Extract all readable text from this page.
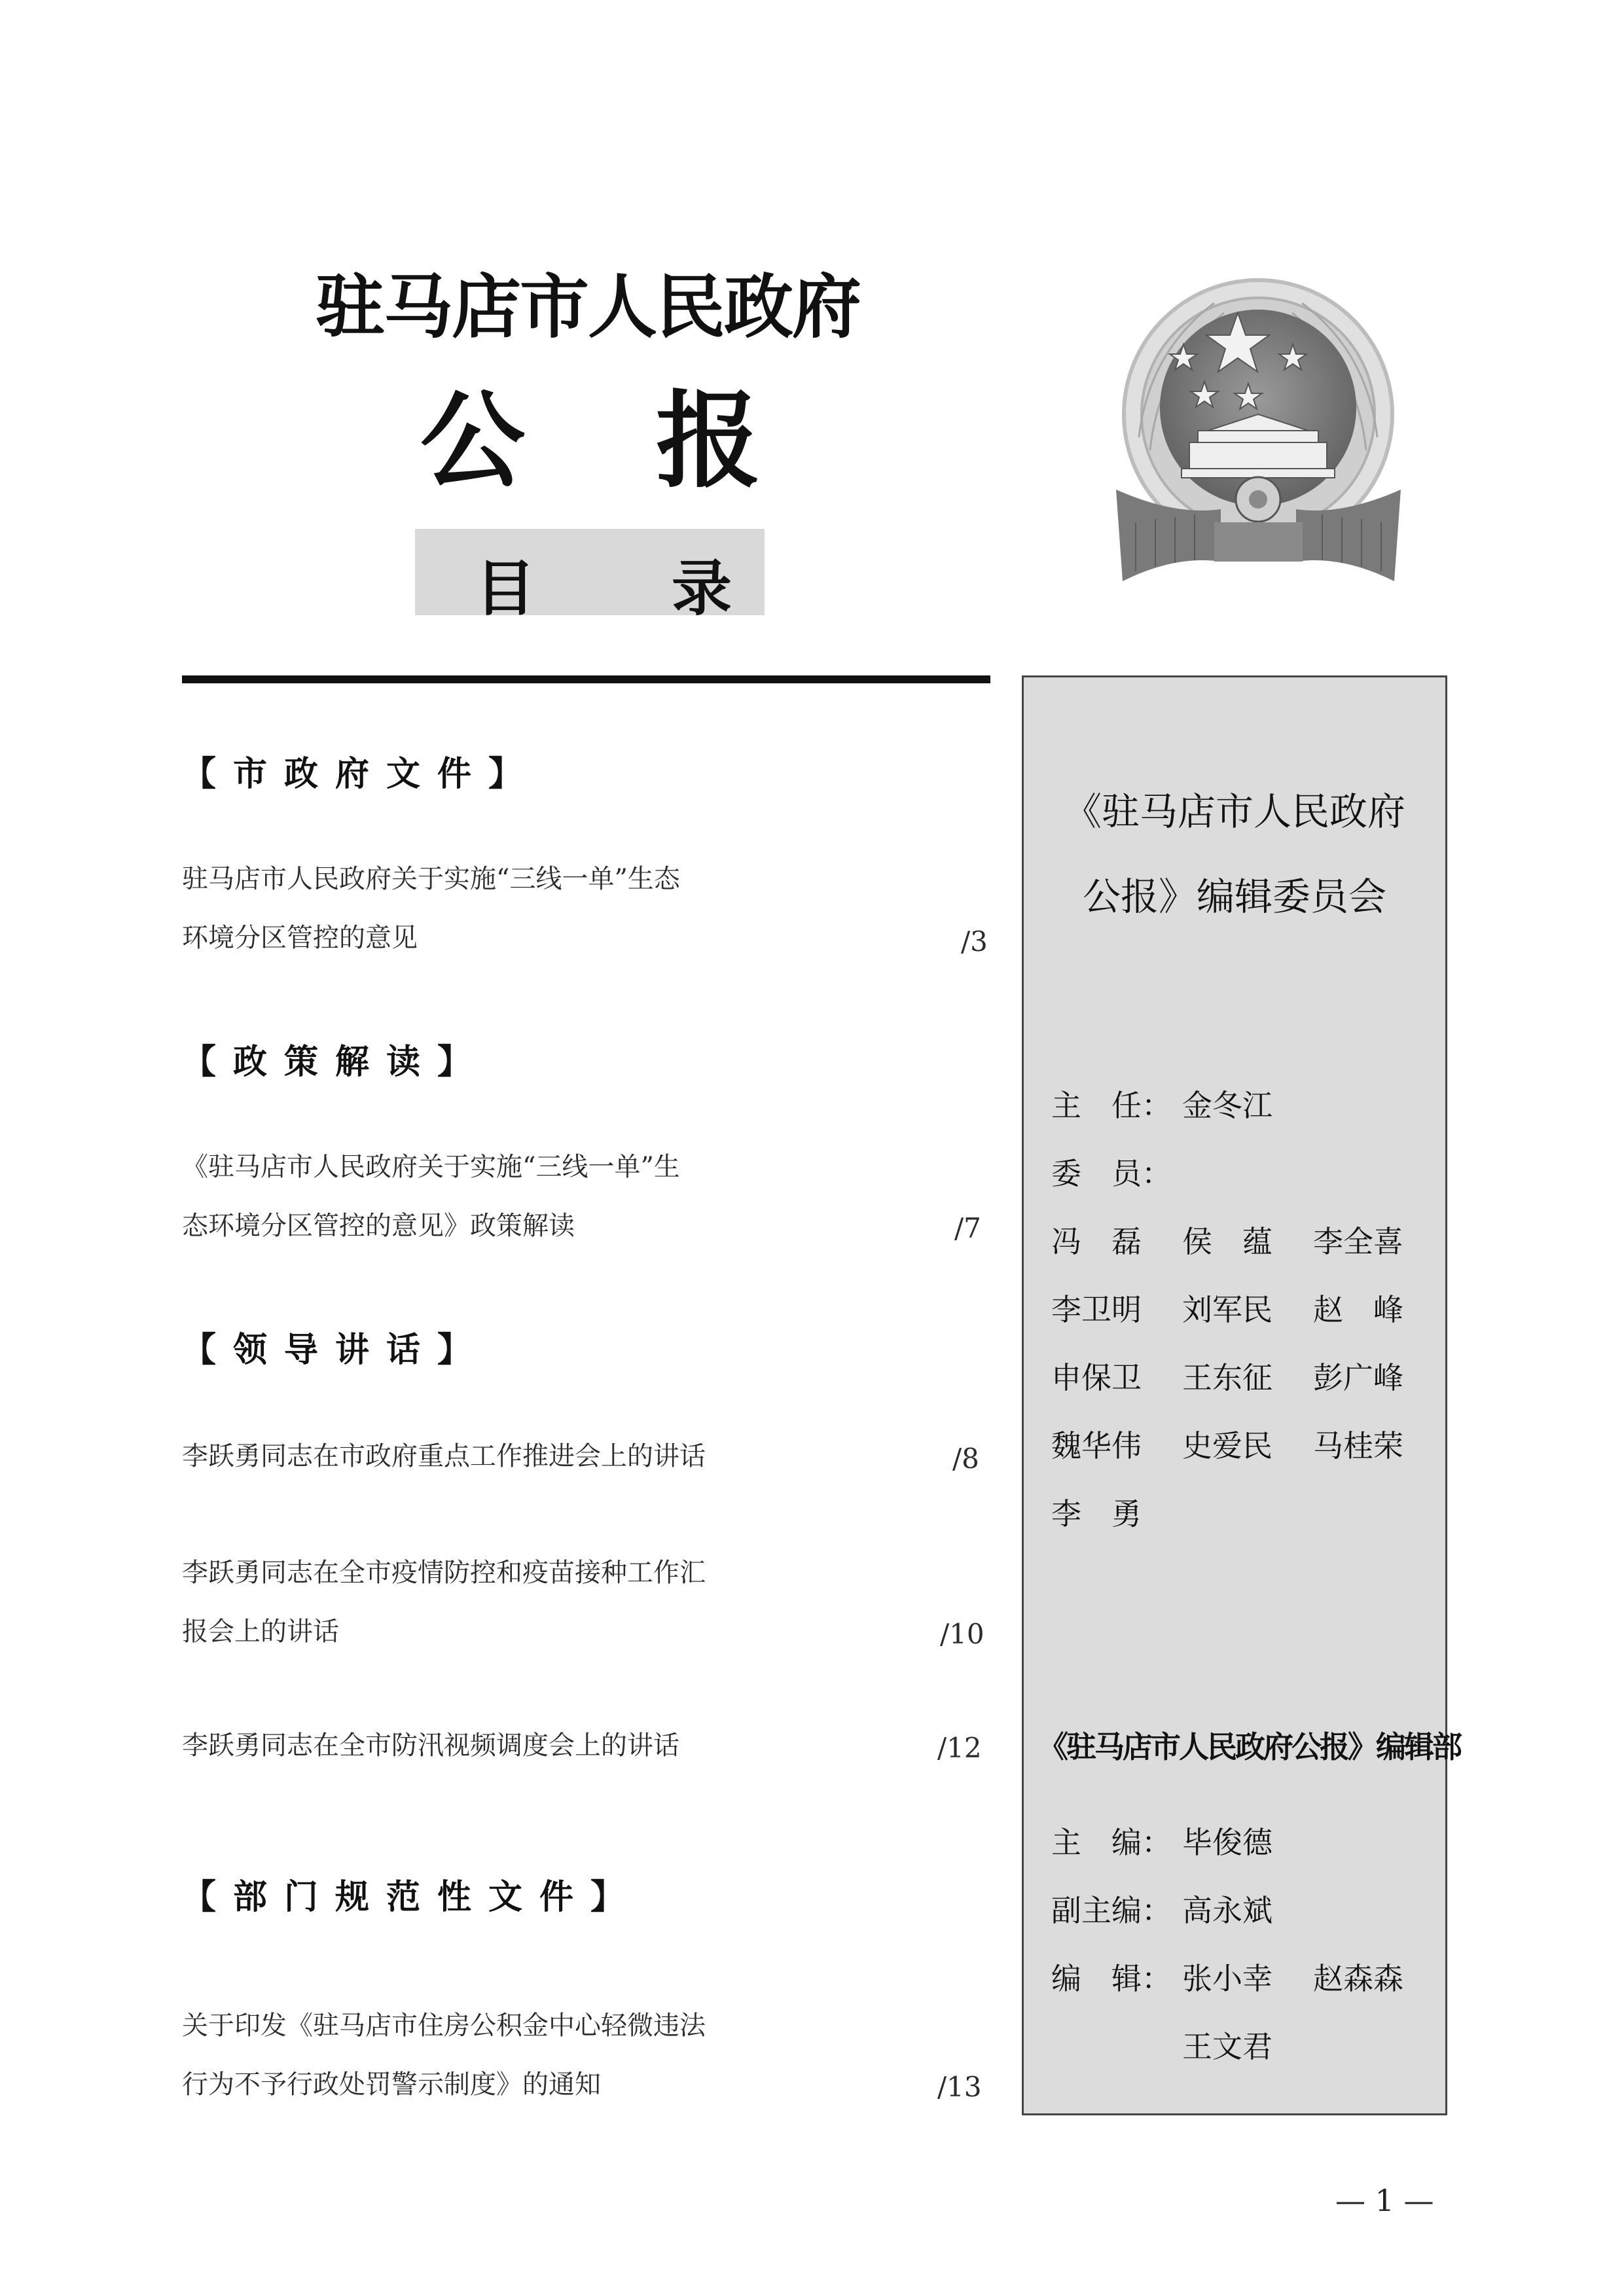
驻马店市人民政府
公 报
目 录
【市政府文件】
驻马店市人民政府关于实施“三线一单”生态
环境分区管控的意见	/3
【政策解读】
《驻马店市人民政府关于实施“三线一单”生
态环境分区管控的意见》政策解读	/7
【领导讲话】
李跃勇同志在市政府重点工作推进会上的讲话	/8
李跃勇同志在全市疫情防控和疫苗接种工作汇
报会上的讲话	/10
李跃勇同志在全市防汛视频调度会上的讲话	/12
【部门规范性文件】
关于印发《驻马店市住房公积金中心轻微违法
行为不予行政处罚警示制度》的通知	/13
《驻马店市人民政府
公报》编辑委员会
主　任： 金冬江
委　员：
冯　磊 侯　蕴 李全喜
李卫明 刘军民 赵　峰
申保卫 王东征 彭广峰
魏华伟 史爱民 马桂荣
李　勇
《驻马店市人民政府公报》编辑部
主　编： 毕俊德
副主编： 高永斌
编　辑： 张小幸 赵森森
王文君
— 1 —
